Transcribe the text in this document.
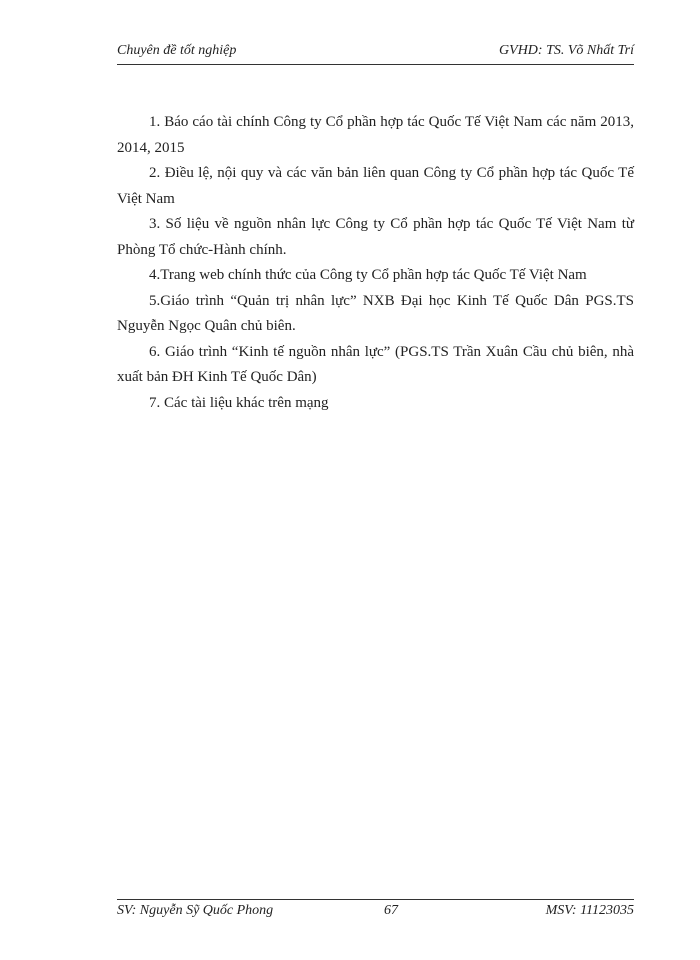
Chuyên đề tốt nghiệp	GVHD: TS. Võ Nhất Trí

1. Báo cáo tài chính Công ty Cổ phần hợp tác Quốc Tế Việt Nam các năm 2013, 2014, 2015

2. Điều lệ, nội quy và các văn bản liên quan Công ty Cổ phần hợp tác Quốc Tế Việt Nam

3. Số liệu về nguồn nhân lực Công ty Cổ phần hợp tác Quốc Tế Việt Nam từ Phòng Tổ chức-Hành chính.

4.Trang web chính thức của Công ty Cổ phần hợp tác Quốc Tế Việt Nam

5.Giáo trình “Quản trị nhân lực” NXB Đại học Kinh Tế Quốc Dân PGS.TS Nguyễn Ngọc Quân chủ biên.

6. Giáo trình “Kinh tế nguồn nhân lực” (PGS.TS Trần Xuân Cầu chủ biên, nhà xuất bản ĐH Kinh Tế Quốc Dân)

7. Các tài liệu khác trên mạng

SV: Nguyễn Sỹ Quốc Phong	67	MSV: 11123035
